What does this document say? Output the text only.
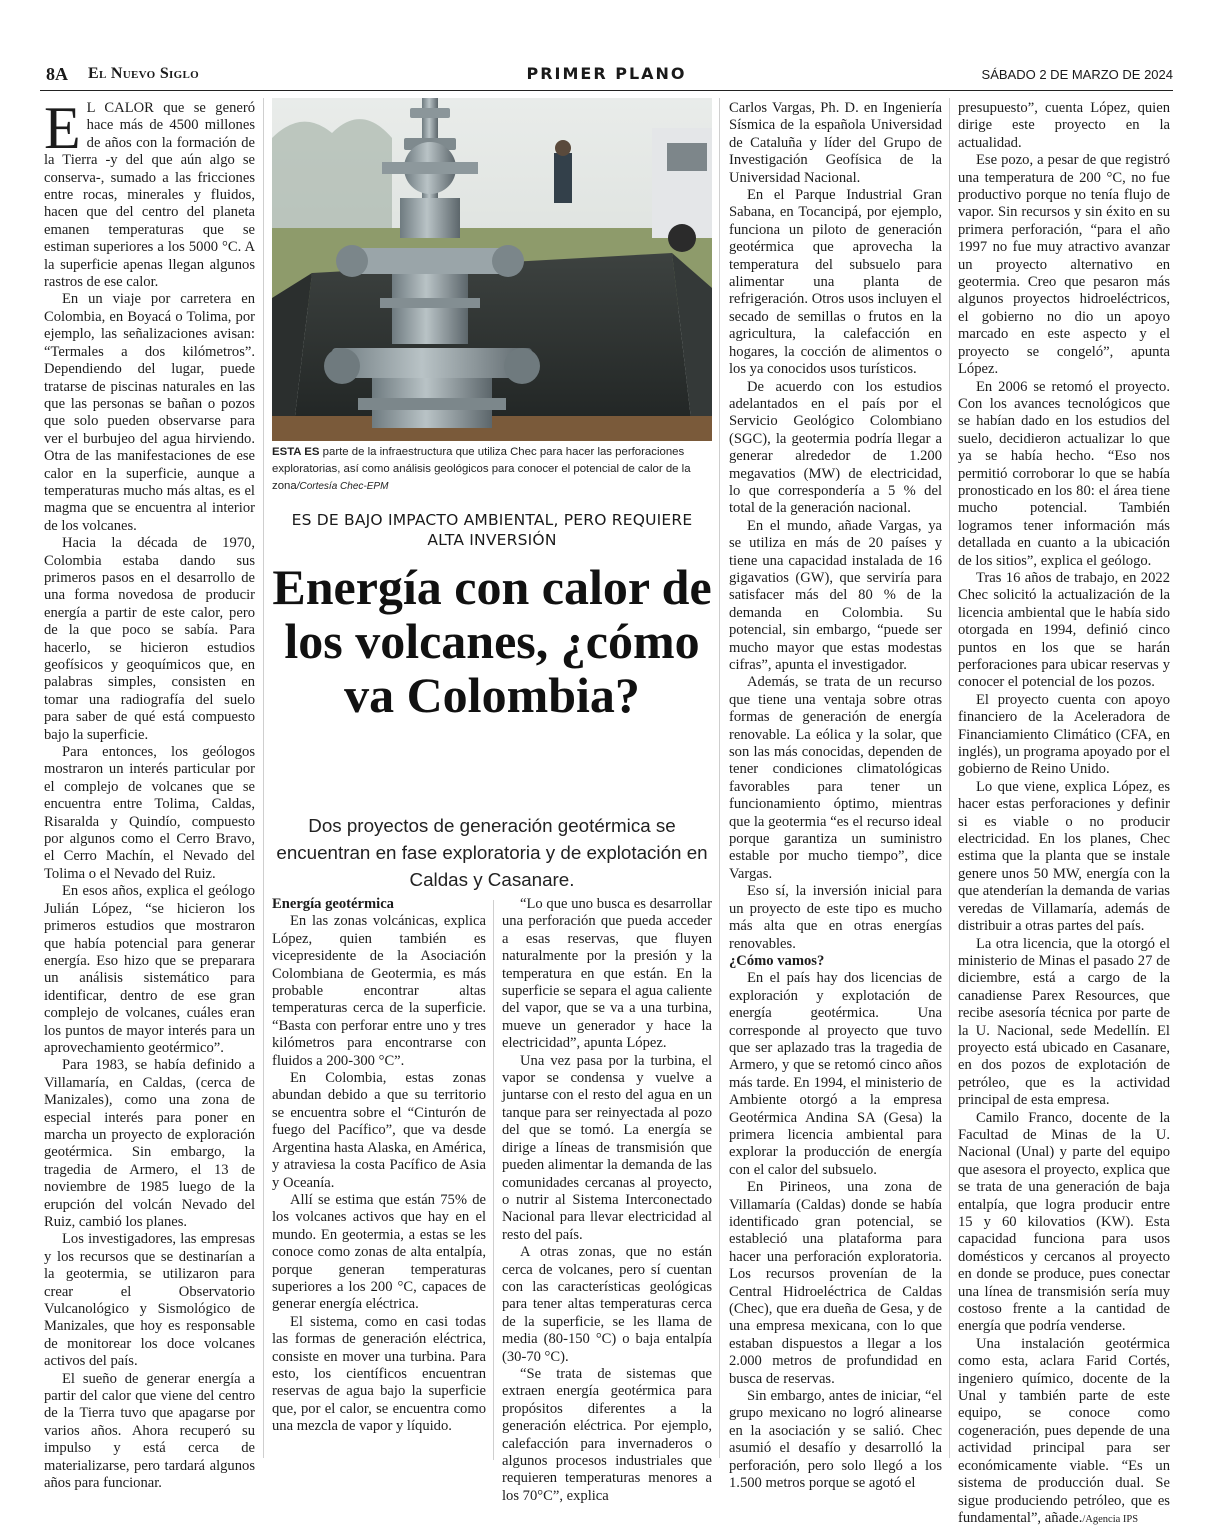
8A El Nuevo Siglo	PRIMER PLANO	SÁBADO 2 DE MARZO DE 2024

EL CALOR que se generó hace más de 4500 millones de años con la formación de la Tierra -y del que aún algo se conserva-, sumado a las fricciones entre rocas, minerales y fluidos, hacen que del centro del planeta emanen temperaturas que se estiman superiores a los 5000 °C. A la superficie apenas llegan algunos rastros de ese calor.

En un viaje por carretera en Colombia, en Boyacá o Tolima, por ejemplo, las señalizaciones avisan: “Termales a dos kilómetros”. Dependiendo del lugar, puede tratarse de piscinas naturales en las que las personas se bañan o pozos que solo pueden observarse para ver el burbujeo del agua hirviendo. Otra de las manifestaciones de ese calor en la superficie, aunque a temperaturas mucho más altas, es el magma que se encuentra al interior de los volcanes.

Hacia la década de 1970, Colombia estaba dando sus primeros pasos en el desarrollo de una forma novedosa de producir energía a partir de este calor, pero de la que poco se sabía. Para hacerlo, se hicieron estudios geofísicos y geoquímicos que, en palabras simples, consisten en tomar una radiografía del suelo para saber de qué está compuesto bajo la superficie.

Para entonces, los geólogos mostraron un interés particular por el complejo de volcanes que se encuentra entre Tolima, Caldas, Risaralda y Quindío, compuesto por algunos como el Cerro Bravo, el Cerro Machín, el Nevado del Tolima o el Nevado del Ruiz.

En esos años, explica el geólogo Julián López, “se hicieron los primeros estudios que mostraron que había potencial para generar energía. Eso hizo que se preparara un análisis sistemático para identificar, dentro de ese gran complejo de volcanes, cuáles eran los puntos de mayor interés para un aprovechamiento geotérmico”.

Para 1983, se había definido a Villamaría, en Caldas, (cerca de Manizales), como una zona de especial interés para poner en marcha un proyecto de exploración geotérmica. Sin embargo, la tragedia de Armero, el 13 de noviembre de 1985 luego de la erupción del volcán Nevado del Ruiz, cambió los planes.

Los investigadores, las empresas y los recursos que se destinarían a la geotermia, se utilizaron para crear el Observatorio Vulcanológico y Sismológico de Manizales, que hoy es responsable de monitorear los doce volcanes activos del país.

El sueño de generar energía a partir del calor que viene del centro de la Tierra tuvo que apagarse por varios años. Ahora recuperó su impulso y está cerca de materializarse, pero tardará algunos años para funcionar.

ESTA ES parte de la infraestructura que utiliza Chec para hacer las perforaciones exploratorias, así como análisis geológicos para conocer el potencial de calor de la zona/Cortesía Chec-EPM
ES DE BAJO IMPACTO AMBIENTAL, PERO REQUIERE ALTA INVERSIÓN
Energía con calor de los volcanes, ¿cómo va Colombia?
Dos proyectos de generación geotérmica se encuentran en fase exploratoria y de explotación en Caldas y Casanare.

Energía geotérmica

En las zonas volcánicas, explica López, quien también es vicepresidente de la Asociación Colombiana de Geotermia, es más probable encontrar altas temperaturas cerca de la superficie. “Basta con perforar entre uno y tres kilómetros para encontrarse con fluidos a 200-300 °C”.

En Colombia, estas zonas abundan debido a que su territorio se encuentra sobre el “Cinturón de fuego del Pacífico”, que va desde Argentina hasta Alaska, en América, y atraviesa la costa Pacífico de Asia y Oceanía.

Allí se estima que están 75% de los volcanes activos que hay en el mundo. En geotermia, a estas se les conoce como zonas de alta entalpía, porque generan temperaturas superiores a los 200 °C, capaces de generar energía eléctrica.

El sistema, como en casi todas las formas de generación eléctrica, consiste en mover una turbina. Para esto, los científicos encuentran reservas de agua bajo la superficie que, por el calor, se encuentra como una mezcla de vapor y líquido.

“Lo que uno busca es desarrollar una perforación que pueda acceder a esas reservas, que fluyen naturalmente por la presión y la temperatura en que están. En la superficie se separa el agua caliente del vapor, que se va a una turbina, mueve un generador y hace la electricidad”, apunta López.

Una vez pasa por la turbina, el vapor se condensa y vuelve a juntarse con el resto del agua en un tanque para ser reinyectada al pozo del que se tomó. La energía se dirige a líneas de transmisión que pueden alimentar la demanda de las comunidades cercanas al proyecto, o nutrir al Sistema Interconectado Nacional para llevar electricidad al resto del país.

A otras zonas, que no están cerca de volcanes, pero sí cuentan con las características geológicas para tener altas temperaturas cerca de la superficie, se les llama de media (80-150 °C) o baja entalpía (30-70 °C).

“Se trata de sistemas que extraen energía geotérmica para propósitos diferentes a la generación eléctrica. Por ejemplo, calefacción para invernaderos o algunos procesos industriales que requieren temperaturas menores a los 70°C”, explica

Carlos Vargas, Ph. D. en Ingeniería Sísmica de la española Universidad de Cataluña y líder del Grupo de Investigación Geofísica de la Universidad Nacional.

En el Parque Industrial Gran Sabana, en Tocancipá, por ejemplo, funciona un piloto de generación geotérmica que aprovecha la temperatura del subsuelo para alimentar una planta de refrigeración. Otros usos incluyen el secado de semillas o frutos en la agricultura, la calefacción en hogares, la cocción de alimentos o los ya conocidos usos turísticos.

De acuerdo con los estudios adelantados en el país por el Servicio Geológico Colombiano (SGC), la geotermia podría llegar a generar alrededor de 1.200 megavatios (MW) de electricidad, lo que correspondería a 5 % del total de la generación nacional.

En el mundo, añade Vargas, ya se utiliza en más de 20 países y tiene una capacidad instalada de 16 gigavatios (GW), que serviría para satisfacer más del 80 % de la demanda en Colombia. Su potencial, sin embargo, “puede ser mucho mayor que estas modestas cifras”, apunta el investigador.

Además, se trata de un recurso que tiene una ventaja sobre otras formas de generación de energía renovable. La eólica y la solar, que son las más conocidas, dependen de tener condiciones climatológicas favorables para tener un funcionamiento óptimo, mientras que la geotermia “es el recurso ideal porque garantiza un suministro estable por mucho tiempo”, dice Vargas.

Eso sí, la inversión inicial para un proyecto de este tipo es mucho más alta que en otras energías renovables.

¿Cómo vamos?

En el país hay dos licencias de exploración y explotación de energía geotérmica. Una corresponde al proyecto que tuvo que ser aplazado tras la tragedia de Armero, y que se retomó cinco años más tarde. En 1994, el ministerio de Ambiente otorgó a la empresa Geotérmica Andina SA (Gesa) la primera licencia ambiental para explorar la producción de energía con el calor del subsuelo.

En Pirineos, una zona de Villamaría (Caldas) donde se había identificado gran potencial, se estableció una plataforma para hacer una perforación exploratoria. Los recursos provenían de la Central Hidroeléctrica de Caldas (Chec), que era dueña de Gesa, y de una empresa mexicana, con lo que estaban dispuestos a llegar a los 2.000 metros de profundidad en busca de reservas.

Sin embargo, antes de iniciar, “el grupo mexicano no logró alinearse en la asociación y se salió. Chec asumió el desafío y desarrolló la perforación, pero solo llegó a los 1.500 metros porque se agotó el

presupuesto”, cuenta López, quien dirige este proyecto en la actualidad.

Ese pozo, a pesar de que registró una temperatura de 200 °C, no fue productivo porque no tenía flujo de vapor. Sin recursos y sin éxito en su primera perforación, “para el año 1997 no fue muy atractivo avanzar un proyecto alternativo en geotermia. Creo que pesaron más algunos proyectos hidroeléctricos, el gobierno no dio un apoyo marcado en este aspecto y el proyecto se congeló”, apunta López.

En 2006 se retomó el proyecto. Con los avances tecnológicos que se habían dado en los estudios del suelo, decidieron actualizar lo que ya se había hecho. “Eso nos permitió corroborar lo que se había pronosticado en los 80: el área tiene mucho potencial. También logramos tener información más detallada en cuanto a la ubicación de los sitios”, explica el geólogo.

Tras 16 años de trabajo, en 2022 Chec solicitó la actualización de la licencia ambiental que le había sido otorgada en 1994, definió cinco puntos en los que se harán perforaciones para ubicar reservas y conocer el potencial de los pozos.

El proyecto cuenta con apoyo financiero de la Aceleradora de Financiamiento Climático (CFA, en inglés), un programa apoyado por el gobierno de Reino Unido.

Lo que viene, explica López, es hacer estas perforaciones y definir si es viable o no producir electricidad. En los planes, Chec estima que la planta que se instale genere unos 50 MW, energía con la que atenderían la demanda de varias veredas de Villamaría, además de distribuir a otras partes del país.

La otra licencia, que la otorgó el ministerio de Minas el pasado 27 de diciembre, está a cargo de la canadiense Parex Resources, que recibe asesoría técnica por parte de la U. Nacional, sede Medellín. El proyecto está ubicado en Casanare, en dos pozos de explotación de petróleo, que es la actividad principal de esta empresa.

Camilo Franco, docente de la Facultad de Minas de la U. Nacional (Unal) y parte del equipo que asesora el proyecto, explica que se trata de una generación de baja entalpía, que logra producir entre 15 y 60 kilovatios (KW). Esta capacidad funciona para usos domésticos y cercanos al proyecto en donde se produce, pues conectar una línea de transmisión sería muy costoso frente a la cantidad de energía que podría venderse.

Una instalación geotérmica como esta, aclara Farid Cortés, ingeniero químico, docente de la Unal y también parte de este equipo, se conoce como cogeneración, pues depende de una actividad principal para ser económicamente viable. “Es un sistema de producción dual. Se sigue produciendo petróleo, que es fundamental”, añade./Agencia IPS
